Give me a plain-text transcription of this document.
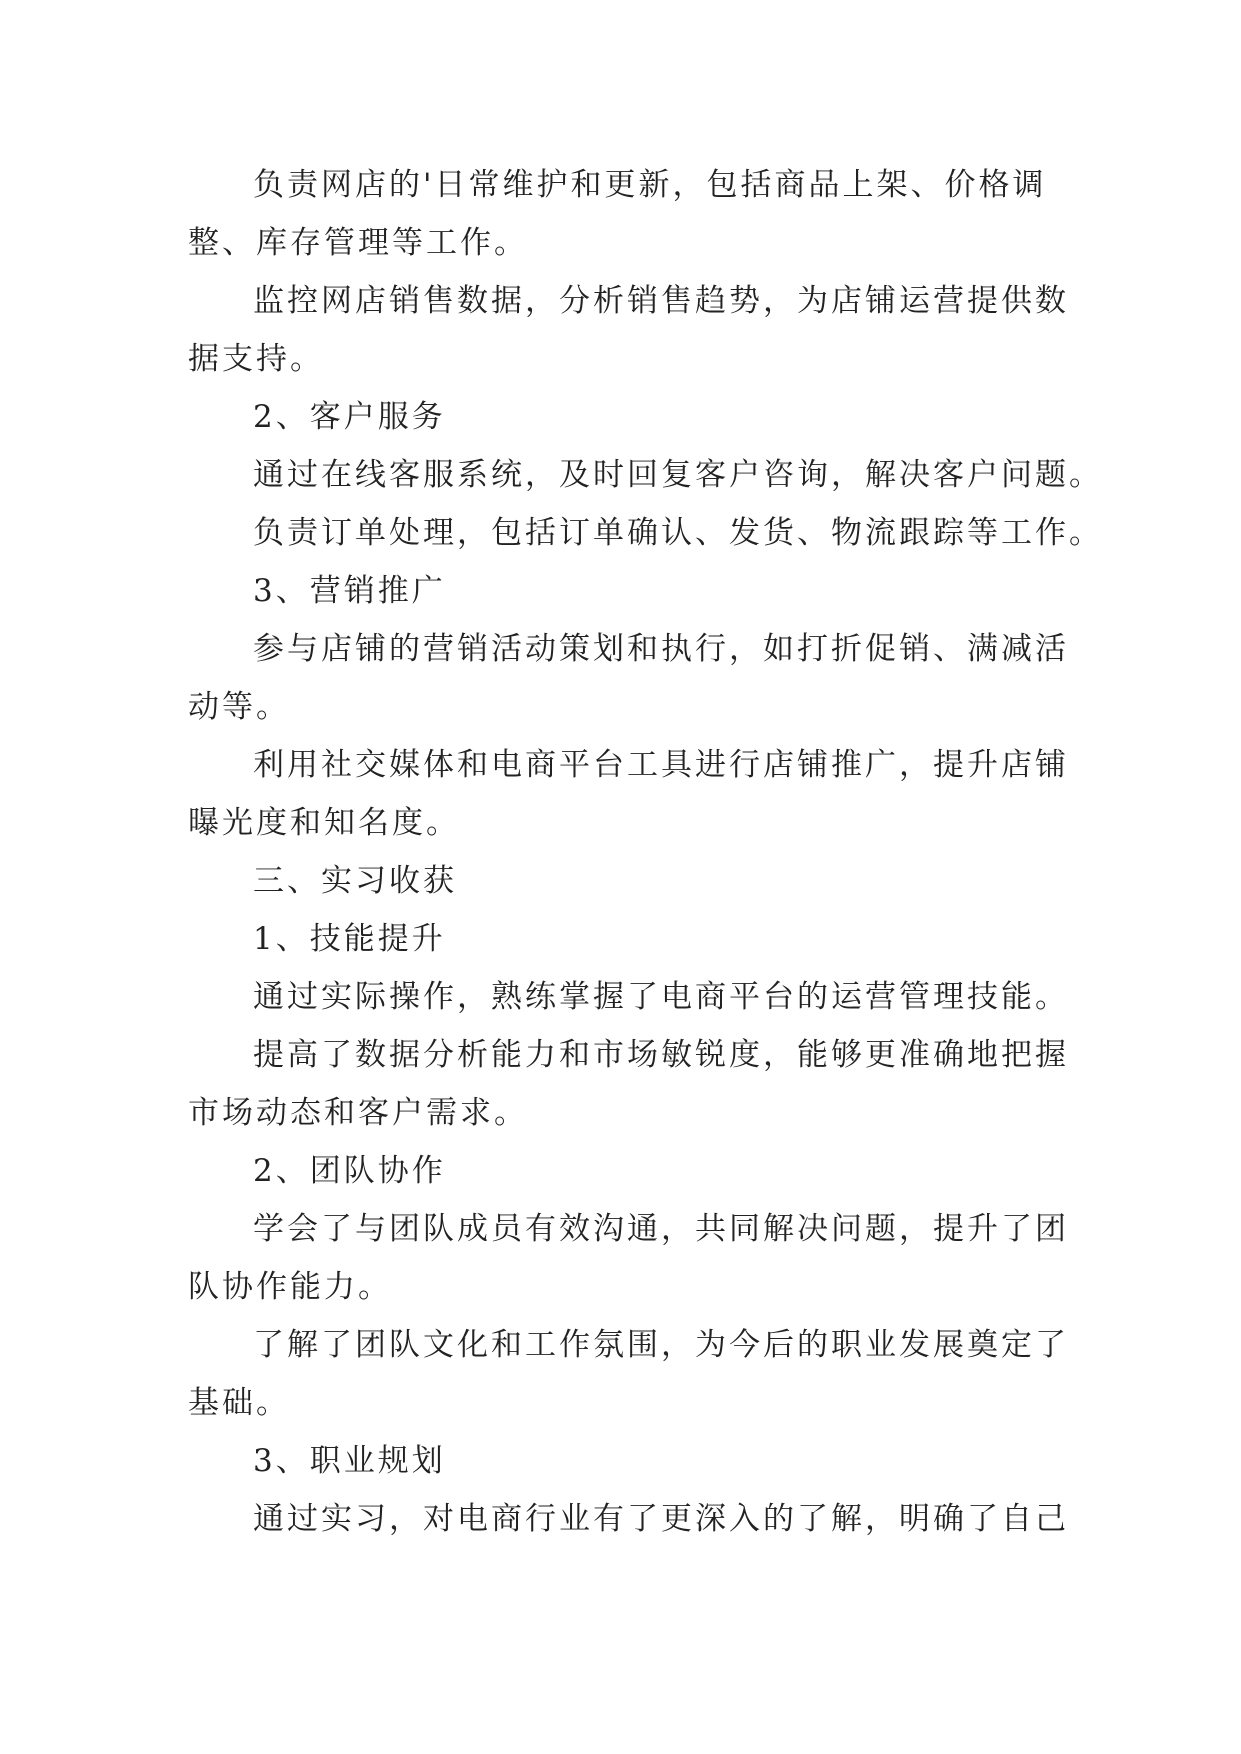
负责网店的'日常维护和更新，包括商品上架、价格调

整、库存管理等工作。

监控网店销售数据，分析销售趋势，为店铺运营提供数

据支持。

2、客户服务

通过在线客服系统，及时回复客户咨询，解决客户问题。

负责订单处理，包括订单确认、发货、物流跟踪等工作。

3、营销推广

参与店铺的营销活动策划和执行，如打折促销、满减活

动等。

利用社交媒体和电商平台工具进行店铺推广，提升店铺

曝光度和知名度。

三、实习收获

1、技能提升

通过实际操作，熟练掌握了电商平台的运营管理技能。

提高了数据分析能力和市场敏锐度，能够更准确地把握

市场动态和客户需求。

2、团队协作

学会了与团队成员有效沟通，共同解决问题，提升了团

队协作能力。

了解了团队文化和工作氛围，为今后的职业发展奠定了

基础。

3、职业规划

通过实习，对电商行业有了更深入的了解，明确了自己
